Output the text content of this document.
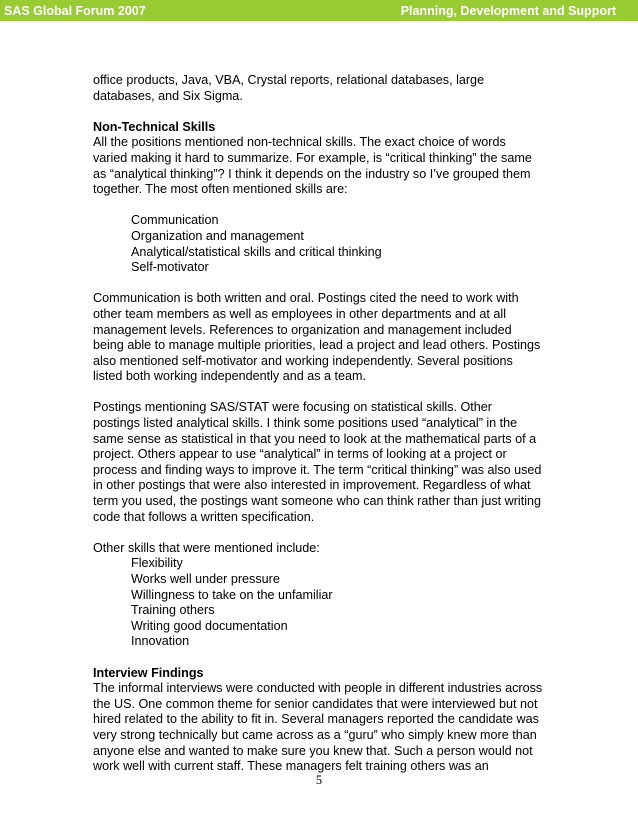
SAS Global Forum 2007	Planning, Development and Support

office products, Java, VBA, Crystal reports, relational databases, large

databases, and Six Sigma.

Non-Technical Skills

All the positions mentioned non-technical skills. The exact choice of words

varied making it hard to summarize. For example, is “critical thinking” the same

as “analytical thinking”? I think it depends on the industry so I’ve grouped them

together. The most often mentioned skills are:

Communication

Organization and management

Analytical/statistical skills and critical thinking

Self-motivator

Communication is both written and oral. Postings cited the need to work with

other team members as well as employees in other departments and at all

management levels. References to organization and management included

being able to manage multiple priorities, lead a project and lead others. Postings

also mentioned self-motivator and working independently. Several positions

listed both working independently and as a team.

Postings mentioning SAS/STAT were focusing on statistical skills. Other

postings listed analytical skills. I think some positions used “analytical” in the

same sense as statistical in that you need to look at the mathematical parts of a

project. Others appear to use “analytical” in terms of looking at a project or

process and finding ways to improve it. The term “critical thinking” was also used

in other postings that were also interested in improvement. Regardless of what

term you used, the postings want someone who can think rather than just writing

code that follows a written specification.

Other skills that were mentioned include:

Flexibility

Works well under pressure

Willingness to take on the unfamiliar

Training others

Writing good documentation

Innovation

Interview Findings

The informal interviews were conducted with people in different industries across

the US. One common theme for senior candidates that were interviewed but not

hired related to the ability to fit in. Several managers reported the candidate was

very strong technically but came across as a “guru” who simply knew more than

anyone else and wanted to make sure you knew that. Such a person would not

work well with current staff. These managers felt training others was an

5
